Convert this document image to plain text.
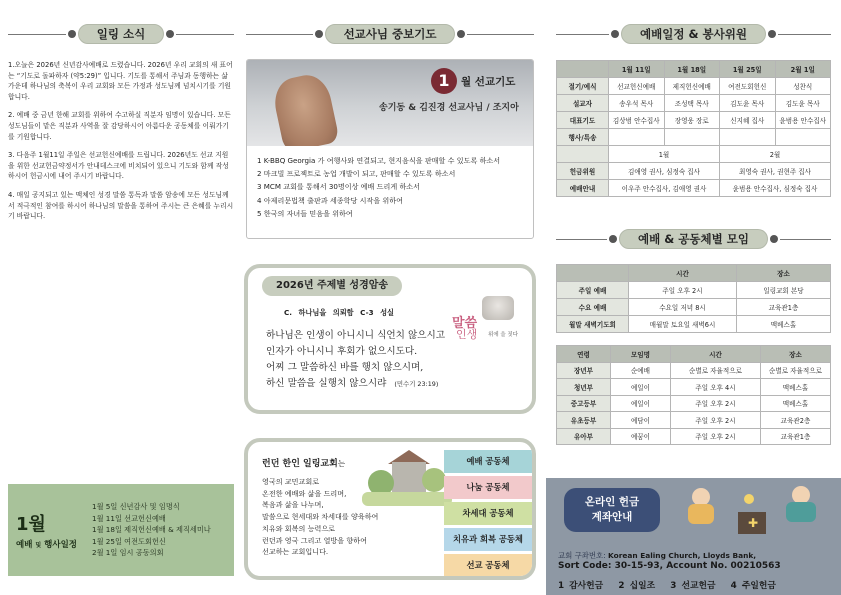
일링 소식

1.오늘은 2026년 신년감사예배로 드렸습니다. 2026년 우리 교회의 새 표어는 “기도로 돌파하자 (약5:29)” 입니다. 기도를 통해서 주님과 동행하는 삶 가운데 하나님의 축복이 우리 교회와 모든 가정과 성도님께 넘치시기를 기원합니다.

2. 예배 중 금년 한해 교회를 위하여 수고하실 직분자 임명이 있습니다. 모든 성도님들이 맡은 직분과 사역을 잘 감당하시어 아름다운 공동체를 이뤄가기를 기원합니다.

3. 다음주 1월11일 주일은 선교헌신예배를 드립니다. 2026년도 선교 지원을 위한 선교헌금약정서가 안내데스크에 비치되어 있으니 기도와 함께 작성하시어 헌금시에 내어 주시기 바랍니다.

4. 매일 공지되고 있는 맥체인 성경 말씀 통독과 말씀 암송에 모든 성도님께서 적극적인 참여를 하시어 하나님의 말씀을 통하여 주시는 큰 은혜를 누리시기 바랍니다.

1월
예배 및 행사일정
1월 5일 신년감사 및 임명식
1월 11일 선교헌신예배
1월 18일 제직헌신예배 & 제직세미나
1월 25일 여전도회헌신
2월 1일 임시 공동의회
선교사님 중보기도
1	월 선교기도
송기동 & 김진경 선교사님 / 조지아
1 K-BBQ Georgia 가 여행사와 연결되고, 현지음식을 판매할 수 있도록 하소서
2 마크빌 프로젝트로 농업 개발이 되고, 판매할 수 있도록 하소서
3 MCM 교회를 통해서 30명이상 예배 드리게 하소서
4 아제리문법책 출판과 세종학당 시작을 위하여
5 한국의 자녀들 믿음을 위하여
2026년 주제별 성경암송
C. 하나님을 의뢰함 C-3 성실
말씀
인생 위에 을 짓다
하나님은 인생이 아니시니 식언치 않으시고
인자가 아니시니 후회가 없으시도다.
어찌 그 말씀하신 바를 행치 않으시며,
하신 말씀을 실행치 않으시랴 (민수기 23:19)
런던 한인 일링교회는
영국의 교민교회로
온전한 예배와 삶을 드리며,
복음과 삶을 나누며,
말씀으로 현세대와 차세대를 양육하여
치유와 회복의 능력으로
런던과 영국 그리고 열방을 향하여
선교하는 교회입니다.
예배 공동체
나눔 공동체
차세대 공동체
치유과 회복 공동체
선교 공동체
예배일정 & 봉사위원
	1월 11일	1월 18일	1월 25일	2월 1일
절기/예식	선교헌신예배	제직헌신예배	여전도회헌신	성찬식
설교자	송우석 목사	조성택 목사	김도윤 목사	김도윤 목사
대표기도	김상범 안수집사	장영웅 장로	신지혜 집사	윤범용 안수집사
행사/특송				
	1월		2월	
헌금위원	김애영 권사, 심정숙 집사		최영숙 권사, 권현주 집사	
예배안내	이우주 안수집사, 김애영 권사		윤범용 안수집사, 심정숙 집사	
예배 & 공동체별 모임
	시간	장소
주일 예배	주일 오후 2시	일링교회 본당
수요 예배	수요일 저녁 8시	교육관1층
월말 새벽기도회	매월말 토요일 새벽6시	맥베스홀
연령	모임명	시간	장소
장년부	순예배	순별로 자율적으로	순별로 자율적으로
청년부	예일이	주일 오후 4시	맥베스홀
중고등부	예일이	주일 오후 2시	맥베스홀
유초등부	예담이	주일 오후 2시	교육관2층
유아부	예꿈이	주일 오후 2시	교육관1층
온라인 헌금
계좌안내	✚
교회 구좌번호: Korean Ealing Church, Lloyds Bank,
Sort Code: 30-15-93, Account No. 00210563
1 감사헌금 2 십일조 3 선교헌금 4 주일헌금
